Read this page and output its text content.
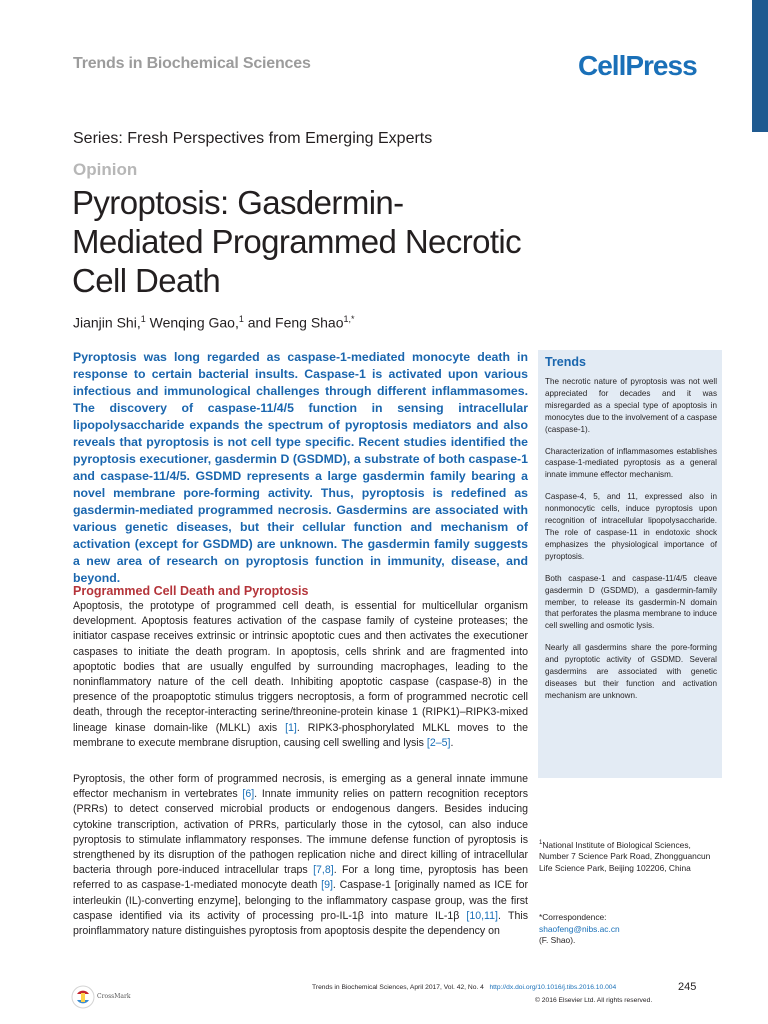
Trends in Biochemical Sciences	CellPress
Series: Fresh Perspectives from Emerging Experts
Opinion
Pyroptosis: Gasdermin-Mediated Programmed Necrotic Cell Death
Jianjin Shi,$^1$ Wenqing Gao,$^1$ and Feng Shao$^{1,*}$

Pyroptosis was long regarded as caspase-1-mediated monocyte death in response to certain bacterial insults. Caspase-1 is activated upon various infectious and immunological challenges through different inflammasomes. The discovery of caspase-11/4/5 function in sensing intracellular lipopolysaccharide expands the spectrum of pyroptosis mediators and also reveals that pyroptosis is not cell type specific. Recent studies identified the pyroptosis executioner, gasdermin D (GSDMD), a substrate of both caspase-1 and caspase-11/4/5. GSDMD represents a large gasdermin family bearing a novel membrane pore-forming activity. Thus, pyroptosis is redefined as gasdermin-mediated programmed necrosis. Gasdermins are associated with various genetic diseases, but their cellular function and mechanism of activation (except for GSDMD) are unknown. The gasdermin family suggests a new area of research on pyroptosis function in immunity, disease, and beyond.

Programmed Cell Death and Pyroptosis

Apoptosis, the prototype of programmed cell death, is essential for multicellular organism development. Apoptosis features activation of the caspase family of cysteine proteases; the initiator caspase receives extrinsic or intrinsic apoptotic cues and then activates the executioner caspases to initiate the death program. In apoptosis, cells shrink and are fragmented into apoptotic bodies that are usually engulfed by surrounding macrophages, leading to the noninflammatory nature of the cell death. Inhibiting apoptotic caspase (caspase-8) in the presence of the proapoptotic stimulus triggers necroptosis, a form of programmed necrotic cell death, through the receptor-interacting serine/threonine-protein kinase 1 (RIPK1)–RIPK3-mixed lineage kinase domain-like (MLKL) axis [1]. RIPK3-phosphorylated MLKL moves to the membrane to execute membrane disruption, causing cell swelling and lysis [2–5].

Pyroptosis, the other form of programmed necrosis, is emerging as a general innate immune effector mechanism in vertebrates [6]. Innate immunity relies on pattern recognition receptors (PRRs) to detect conserved microbial products or endogenous dangers. Besides inducing cytokine transcription, activation of PRRs, particularly those in the cytosol, can also induce pyroptosis to stimulate inflammatory responses. The immune defense function of pyroptosis is strengthened by its disruption of the pathogen replication niche and direct killing of intracellular bacteria through pore-induced intracellular traps [7,8]. For a long time, pyroptosis has been referred to as caspase-1-mediated monocyte death [9]. Caspase-1 [originally named as ICE for interleukin (IL)-converting enzyme], belonging to the inflammatory caspase group, was the first caspase identified via its activity of processing pro-IL-1β into mature IL-1β [10,11]. This proinflammatory nature distinguishes pyroptosis from apoptosis despite the dependency on

Trends

The necrotic nature of pyroptosis was not well appreciated for decades and it was misregarded as a special type of apoptosis in monocytes due to the involvement of a caspase (caspase-1).

Characterization of inflammasomes establishes caspase-1-mediated pyroptosis as a general innate immune effector mechanism.

Caspase-4, 5, and 11, expressed also in nonmonocytic cells, induce pyroptosis upon recognition of intracellular lipopolysaccharide. The role of caspase-11 in endotoxic shock emphasizes the physiological importance of pyroptosis.

Both caspase-1 and caspase-11/4/5 cleave gasdermin D (GSDMD), a gasdermin-family member, to release its gasdermin-N domain that perforates the plasma membrane to induce cell swelling and osmotic lysis.

Nearly all gasdermins share the pore-forming and pyroptotic activity of GSDMD. Several gasdermins are associated with genetic diseases but their function and activation mechanism are unknown.

$^1$National Institute of Biological Sciences, Number 7 Science Park Road, Zhongguancun Life Science Park, Beijing 102206, China

*Correspondence:
shaofeng@nibs.ac.cn
(F. Shao).

CrossMark
Trends in Biochemical Sciences, April 2017, Vol. 42, No. 4 http://dx.doi.org/10.1016/j.tibs.2016.10.004	245
© 2016 Elsevier Ltd. All rights reserved.
